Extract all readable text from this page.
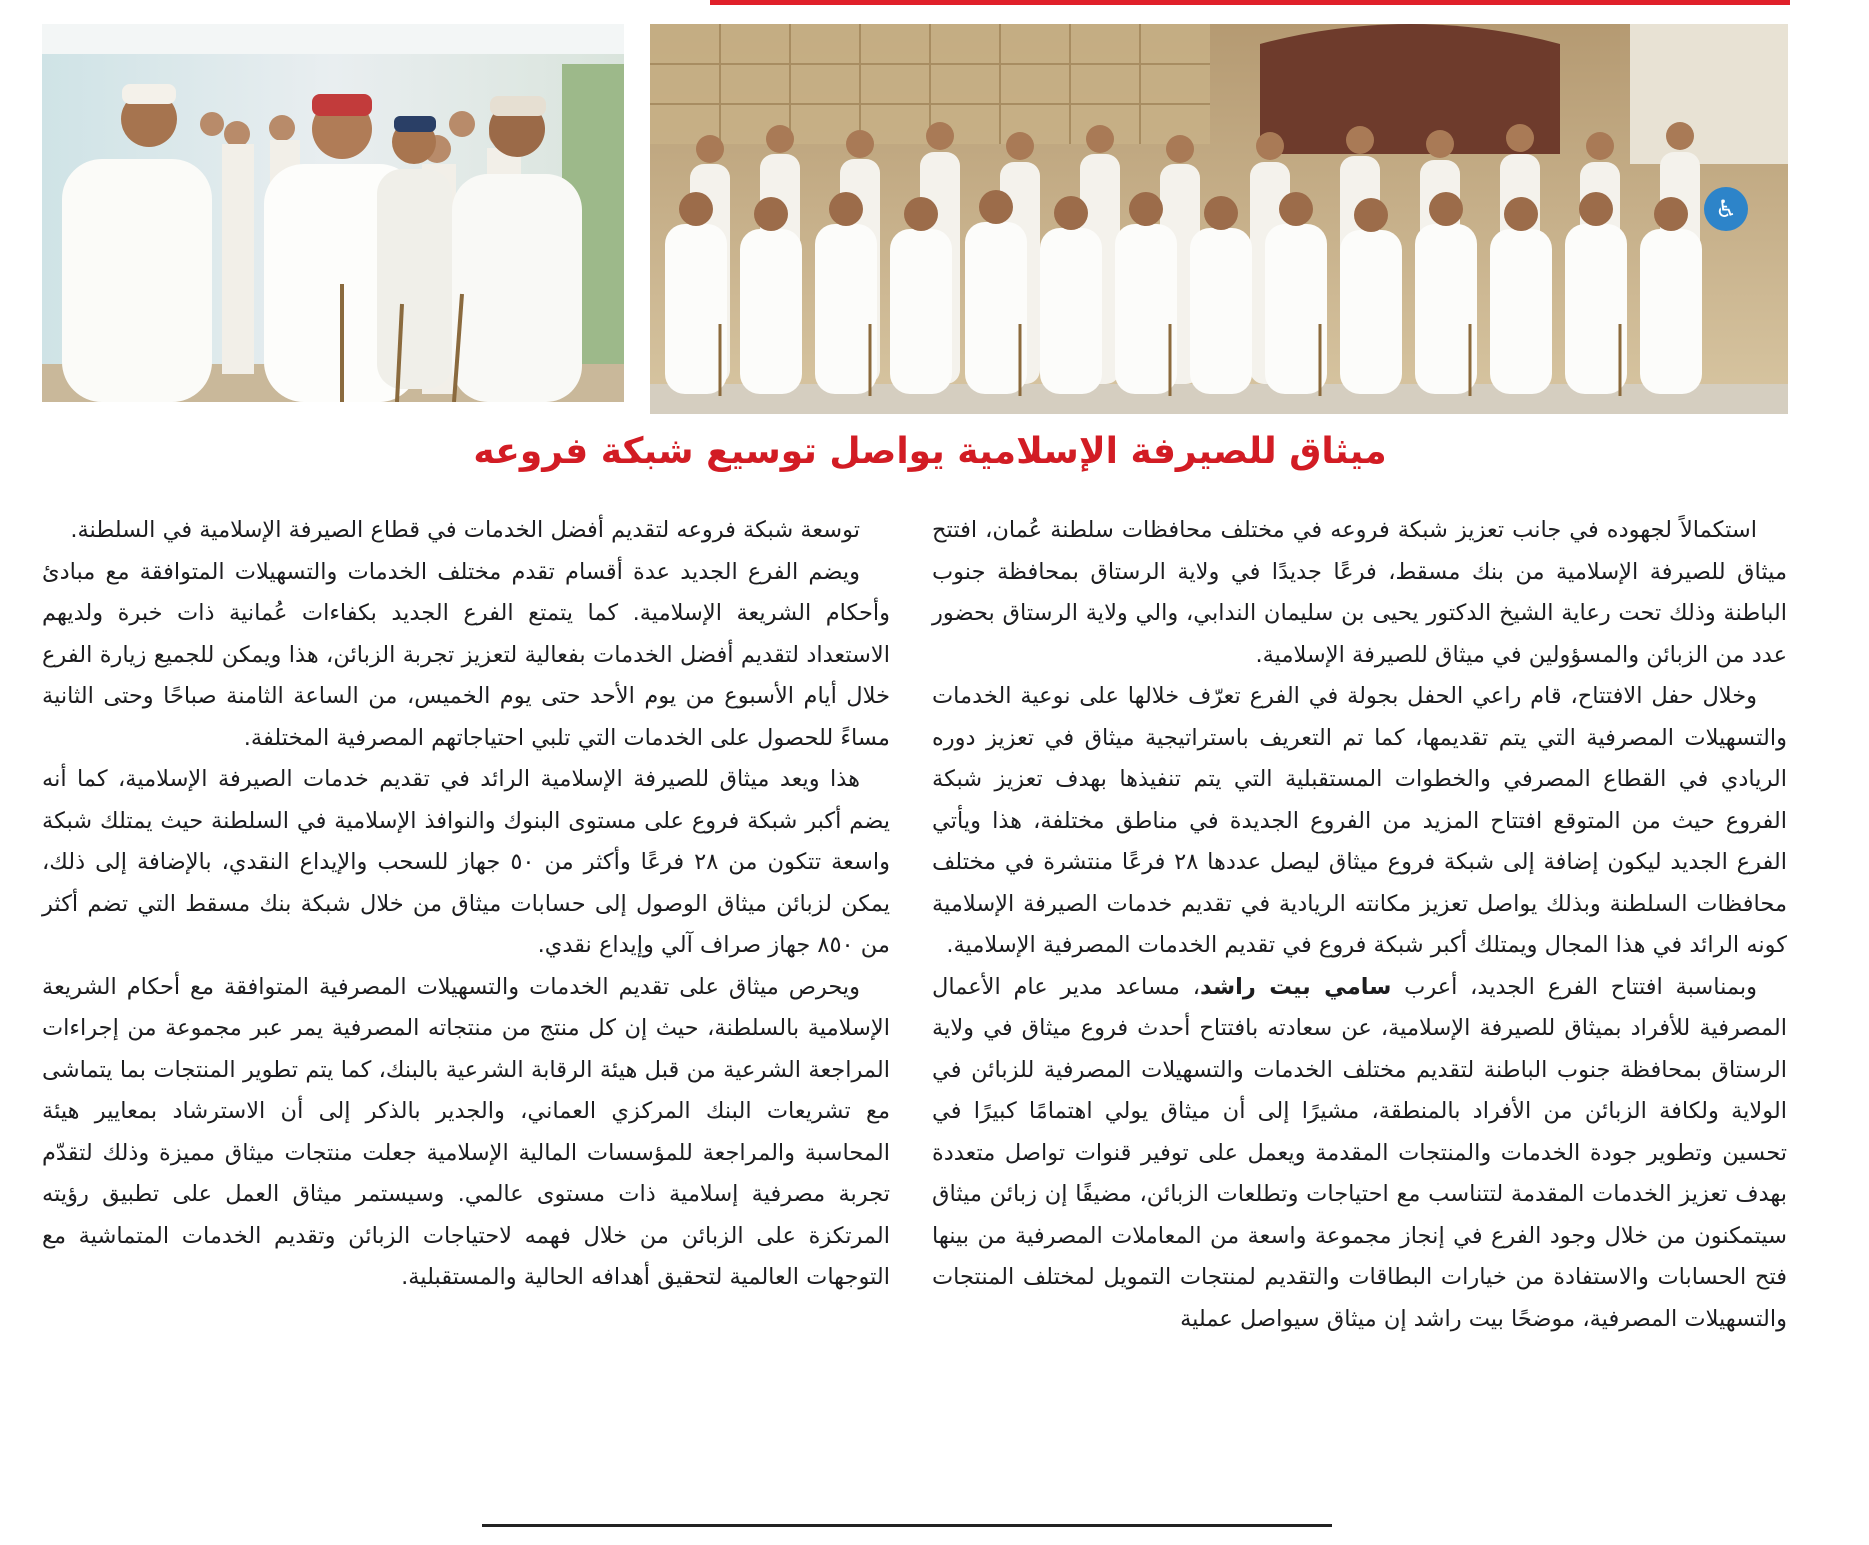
♿
ميثاق للصيرفة الإسلامية يواصل توسيع شبكة فروعه

استكمالاً لجهوده في جانب تعزيز شبكة فروعه في مختلف محافظات سلطنة عُمان، افتتح ميثاق للصيرفة الإسلامية من بنك مسقط، فرعًا جديدًا في ولاية الرستاق بمحافظة جنوب الباطنة وذلك تحت رعاية الشيخ الدكتور يحيى بن سليمان الندابي، والي ولاية الرستاق بحضور عدد من الزبائن والمسؤولين في ميثاق للصيرفة الإسلامية.

وخلال حفل الافتتاح، قام راعي الحفل بجولة في الفرع تعرّف خلالها على نوعية الخدمات والتسهيلات المصرفية التي يتم تقديمها، كما تم التعريف باستراتيجية ميثاق في تعزيز دوره الريادي في القطاع المصرفي والخطوات المستقبلية التي يتم تنفيذها بهدف تعزيز شبكة الفروع حيث من المتوقع افتتاح المزيد من الفروع الجديدة في مناطق مختلفة، هذا ويأتي الفرع الجديد ليكون إضافة إلى شبكة فروع ميثاق ليصل عددها ٢٨ فرعًا منتشرة في مختلف محافظات السلطنة وبذلك يواصل تعزيز مكانته الريادية في تقديم خدمات الصيرفة الإسلامية كونه الرائد في هذا المجال ويمتلك أكبر شبكة فروع في تقديم الخدمات المصرفية الإسلامية.

وبمناسبة افتتاح الفرع الجديد، أعرب سامي بيت راشد، مساعد مدير عام الأعمال المصرفية للأفراد بميثاق للصيرفة الإسلامية، عن سعادته بافتتاح أحدث فروع ميثاق في ولاية الرستاق بمحافظة جنوب الباطنة لتقديم مختلف الخدمات والتسهيلات المصرفية للزبائن في الولاية ولكافة الزبائن من الأفراد بالمنطقة، مشيرًا إلى أن ميثاق يولي اهتمامًا كبيرًا في تحسين وتطوير جودة الخدمات والمنتجات المقدمة ويعمل على توفير قنوات تواصل متعددة بهدف تعزيز الخدمات المقدمة لتتناسب مع احتياجات وتطلعات الزبائن، مضيفًا إن زبائن ميثاق سيتمكنون من خلال وجود الفرع في إنجاز مجموعة واسعة من المعاملات المصرفية من بينها فتح الحسابات والاستفادة من خيارات البطاقات والتقديم لمنتجات التمويل لمختلف المنتجات والتسهيلات المصرفية، موضحًا بيت راشد إن ميثاق سيواصل عملية

توسعة شبكة فروعه لتقديم أفضل الخدمات في قطاع الصيرفة الإسلامية في السلطنة.

ويضم الفرع الجديد عدة أقسام تقدم مختلف الخدمات والتسهيلات المتوافقة مع مبادئ وأحكام الشريعة الإسلامية. كما يتمتع الفرع الجديد بكفاءات عُمانية ذات خبرة ولديهم الاستعداد لتقديم أفضل الخدمات بفعالية لتعزيز تجربة الزبائن، هذا ويمكن للجميع زيارة الفرع خلال أيام الأسبوع من يوم الأحد حتى يوم الخميس، من الساعة الثامنة صباحًا وحتى الثانية مساءً للحصول على الخدمات التي تلبي احتياجاتهم المصرفية المختلفة.

هذا ويعد ميثاق للصيرفة الإسلامية الرائد في تقديم خدمات الصيرفة الإسلامية، كما أنه يضم أكبر شبكة فروع على مستوى البنوك والنوافذ الإسلامية في السلطنة حيث يمتلك شبكة واسعة تتكون من ٢٨ فرعًا وأكثر من ٥٠ جهاز للسحب والإيداع النقدي، بالإضافة إلى ذلك، يمكن لزبائن ميثاق الوصول إلى حسابات ميثاق من خلال شبكة بنك مسقط التي تضم أكثر من ٨٥٠ جهاز صراف آلي وإيداع نقدي.

ويحرص ميثاق على تقديم الخدمات والتسهيلات المصرفية المتوافقة مع أحكام الشريعة الإسلامية بالسلطنة، حيث إن كل منتج من منتجاته المصرفية يمر عبر مجموعة من إجراءات المراجعة الشرعية من قبل هيئة الرقابة الشرعية بالبنك، كما يتم تطوير المنتجات بما يتماشى مع تشريعات البنك المركزي العماني، والجدير بالذكر إلى أن الاسترشاد بمعايير هيئة المحاسبة والمراجعة للمؤسسات المالية الإسلامية جعلت منتجات ميثاق مميزة وذلك لتقدّم تجربة مصرفية إسلامية ذات مستوى عالمي. وسيستمر ميثاق العمل على تطبيق رؤيته المرتكزة على الزبائن من خلال فهمه لاحتياجات الزبائن وتقديم الخدمات المتماشية مع التوجهات العالمية لتحقيق أهدافه الحالية والمستقبلية.
